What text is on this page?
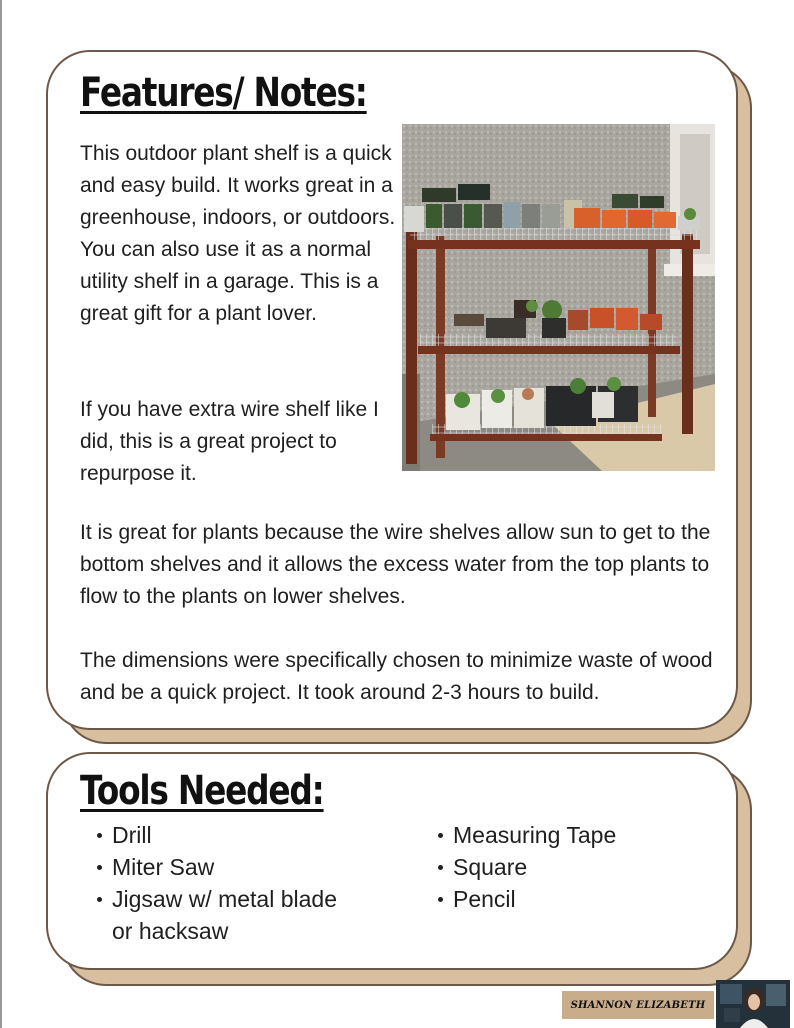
Features/ Notes:

This outdoor plant shelf is a quick and easy build. It works great in a greenhouse, indoors, or outdoors. You can also use it as a normal utility shelf in a garage. This is a great gift for a plant lover.

If you have extra wire shelf like I did, this is a great project to repurpose it.

It is great for plants because the wire shelves allow sun to get to the bottom shelves and it allows the excess water from the top plants to flow to the plants on lower shelves.

The dimensions were specifically chosen to minimize waste of wood and be a quick project. It took around 2-3 hours to build.

Tools Needed:
Drill
Miter Saw
Jigsaw w/ metal blade or hacksaw
Measuring Tape
Square
Pencil
SHANNON ELIZABETH
